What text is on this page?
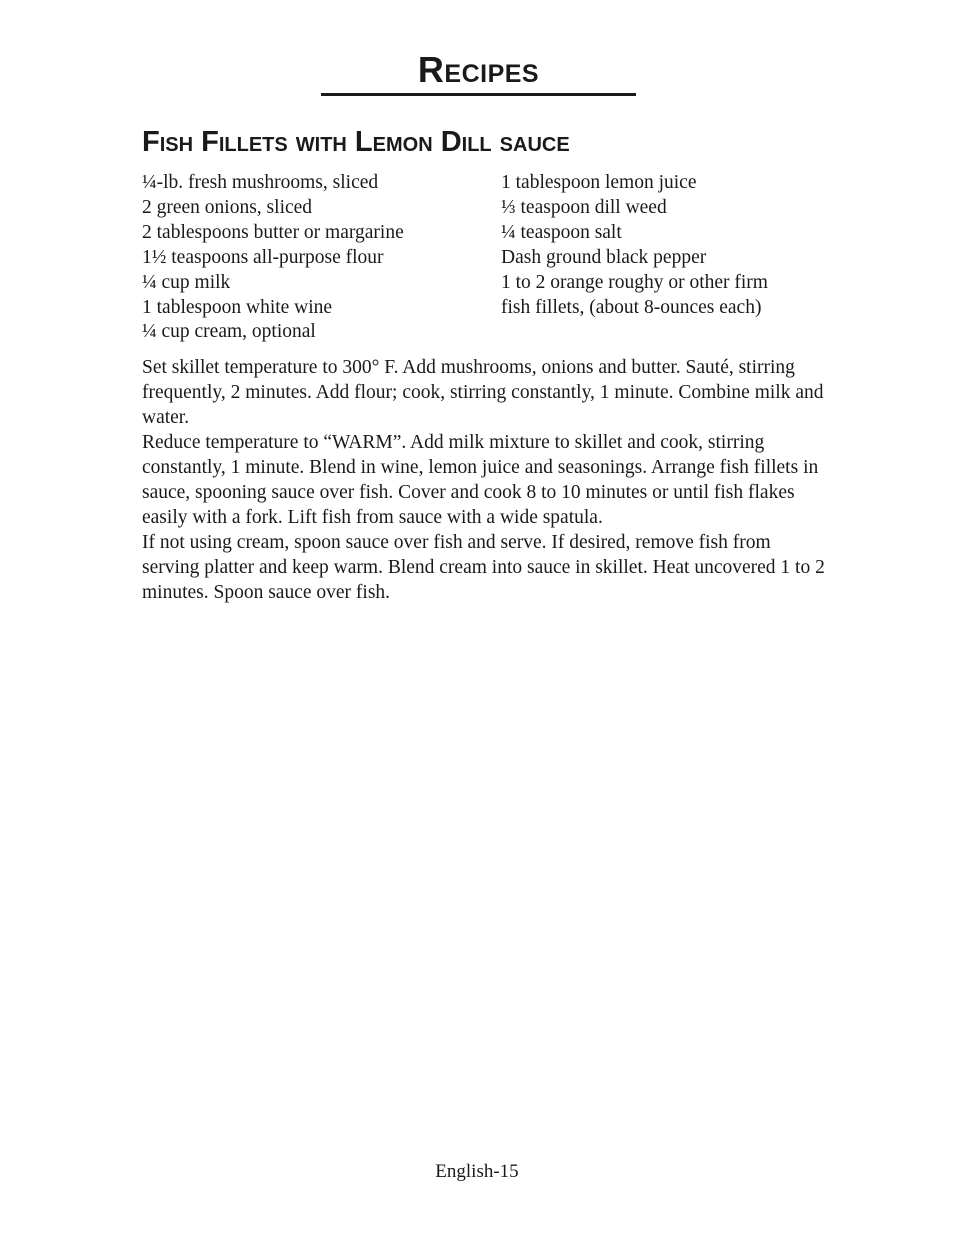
Recipes
Fish Fillets with Lemon Dill sauce
¼-lb. fresh mushrooms, sliced
2 green onions, sliced
2 tablespoons butter or margarine
1½ teaspoons all-purpose flour
¼ cup milk
1 tablespoon white wine
¼ cup cream, optional
1 tablespoon lemon juice
⅓ teaspoon dill weed
¼ teaspoon salt
Dash ground black pepper
1 to 2 orange roughy or other firm
fish fillets, (about 8-ounces each)

Set skillet temperature to 300° F. Add mushrooms, onions and butter. Sauté, stirring frequently, 2 minutes. Add flour; cook, stirring constantly, 1 minute. Combine milk and water.

Reduce temperature to “WARM”. Add milk mixture to skillet and cook, stirring constantly, 1 minute. Blend in wine, lemon juice and seasonings. Arrange fish fillets in sauce, spooning sauce over fish. Cover and cook 8 to 10 minutes or until fish flakes easily with a fork. Lift fish from sauce with a wide spatula.

If not using cream, spoon sauce over fish and serve. If desired, remove fish from serving platter and keep warm. Blend cream into sauce in skillet. Heat uncovered 1 to 2 minutes. Spoon sauce over fish.

English-15
